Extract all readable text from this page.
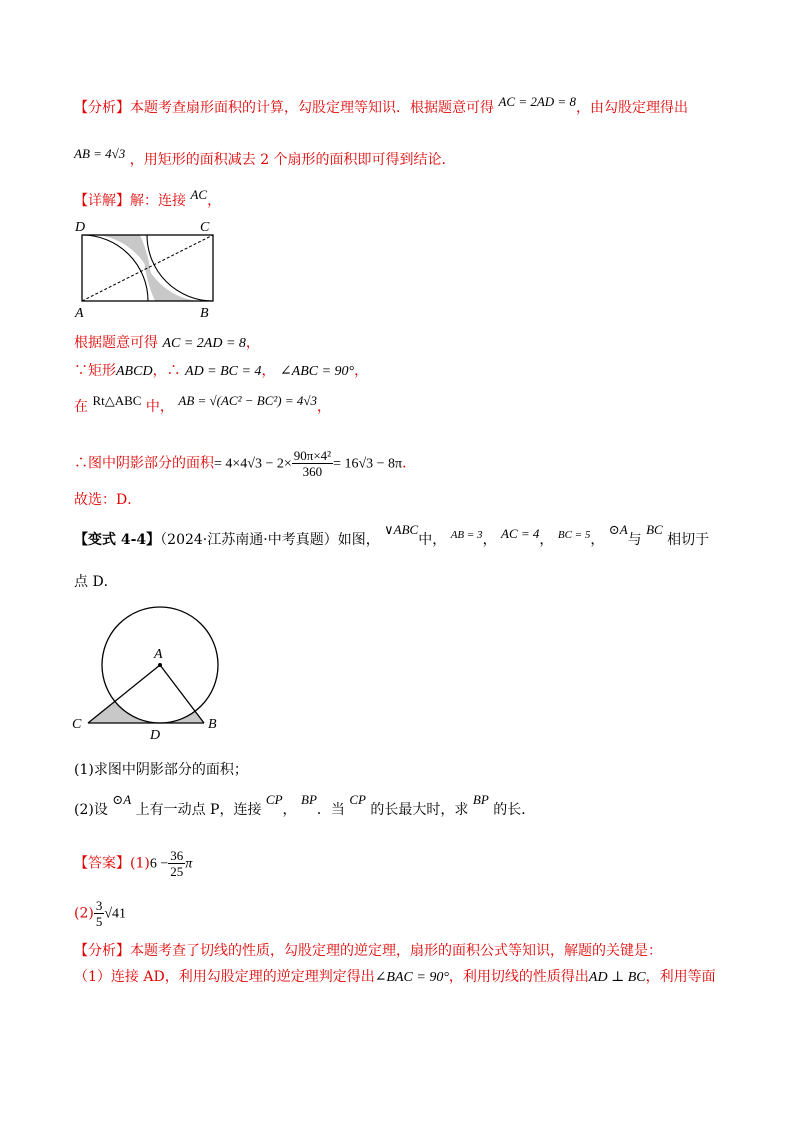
【分析】本题考查扇形面积的计算，勾股定理等知识．根据题意可得 AC = 2AD = 8，由勾股定理得出
AB = 4√3 ，用矩形的面积减去 2 个扇形的面积即可得到结论．
【详解】解：连接 AC，
D	C
A	B
根据题意可得 AC = 2AD = 8，
∵矩形ABCD，∴ AD = BC = 4， ∠ABC = 90°，
在 Rt△ABC 中， AB = √(AC² − BC²) = 4√3，
∴图中阴影部分的面积= $4\times 4√3 - 2\times \frac{\text{90π×4²}}{360} = 16√3 - 8\pi$．
故选：D．
【变式 4-4】（2024·江苏南通·中考真题）如图， ∨ABC中， $^{AB = 3}$， AC = 4， $^{BC = 5}$， ⊙A与 BC 相切于
点 D．
A
C
D
B
(1)求图中阴影部分的面积；
(2)设 ⊙A 上有一动点 P，连接 CP， BP．当 CP 的长最大时，求 BP 的长．
【答案】$(1)6 - \frac{36}{25}$ π
$(2) \frac{3}{5} √41$
【分析】本题考查了切线的性质，勾股定理的逆定理，扇形的面积公式等知识，解题的关键是：
（1）连接 AD，利用勾股定理的逆定理判定得出∠BAC = 90°，利用切线的性质得出AD ⊥ BC，利用等面
